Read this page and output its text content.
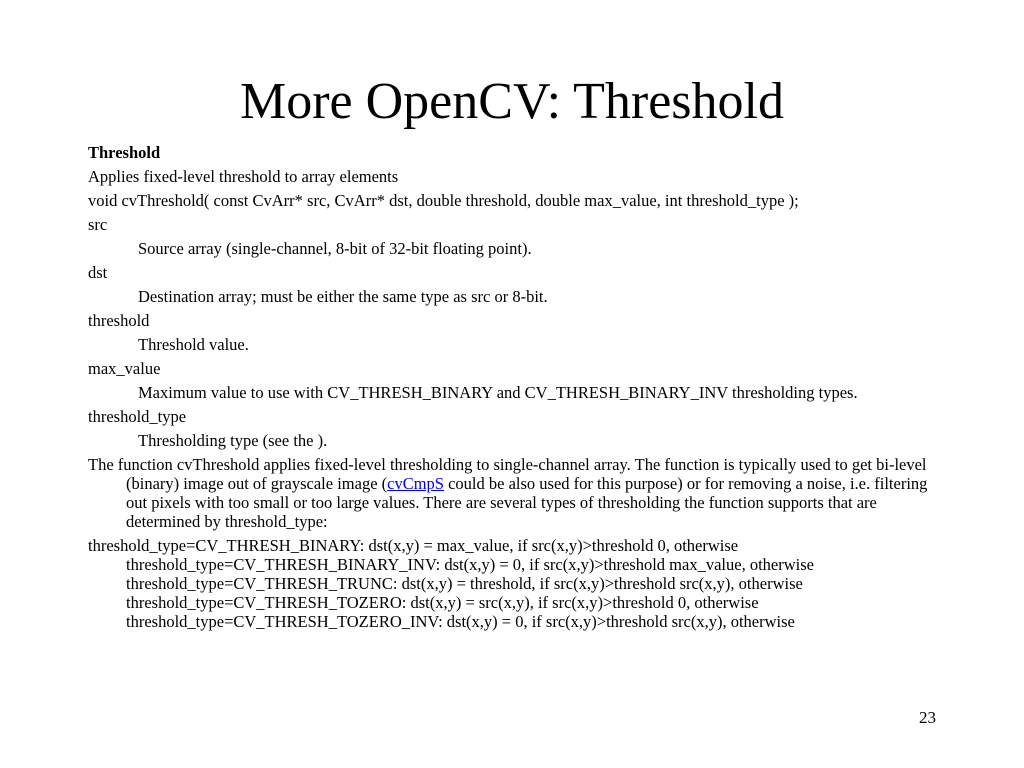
More OpenCV: Threshold
Threshold
Applies fixed-level threshold to array elements
void cvThreshold( const CvArr* src, CvArr* dst, double threshold, double max_value, int threshold_type );
src
Source array (single-channel, 8-bit of 32-bit floating point).
dst
Destination array; must be either the same type as src or 8-bit.
threshold
Threshold value.
max_value
Maximum value to use with CV_THRESH_BINARY and CV_THRESH_BINARY_INV thresholding types.
threshold_type
Thresholding type (see the ).
The function cvThreshold applies fixed-level thresholding to single-channel array. The function is typically used to get bi-level (binary) image out of grayscale image (cvCmpS could be also used for this purpose) or for removing a noise, i.e. filtering out pixels with too small or too large values. There are several types of thresholding the function supports that are determined by threshold_type:
threshold_type=CV_THRESH_BINARY: dst(x,y) = max_value, if src(x,y)>threshold 0, otherwise threshold_type=CV_THRESH_BINARY_INV: dst(x,y) = 0, if src(x,y)>threshold max_value, otherwise threshold_type=CV_THRESH_TRUNC: dst(x,y) = threshold, if src(x,y)>threshold src(x,y), otherwise threshold_type=CV_THRESH_TOZERO: dst(x,y) = src(x,y), if src(x,y)>threshold 0, otherwise threshold_type=CV_THRESH_TOZERO_INV: dst(x,y) = 0, if src(x,y)>threshold src(x,y), otherwise
23
